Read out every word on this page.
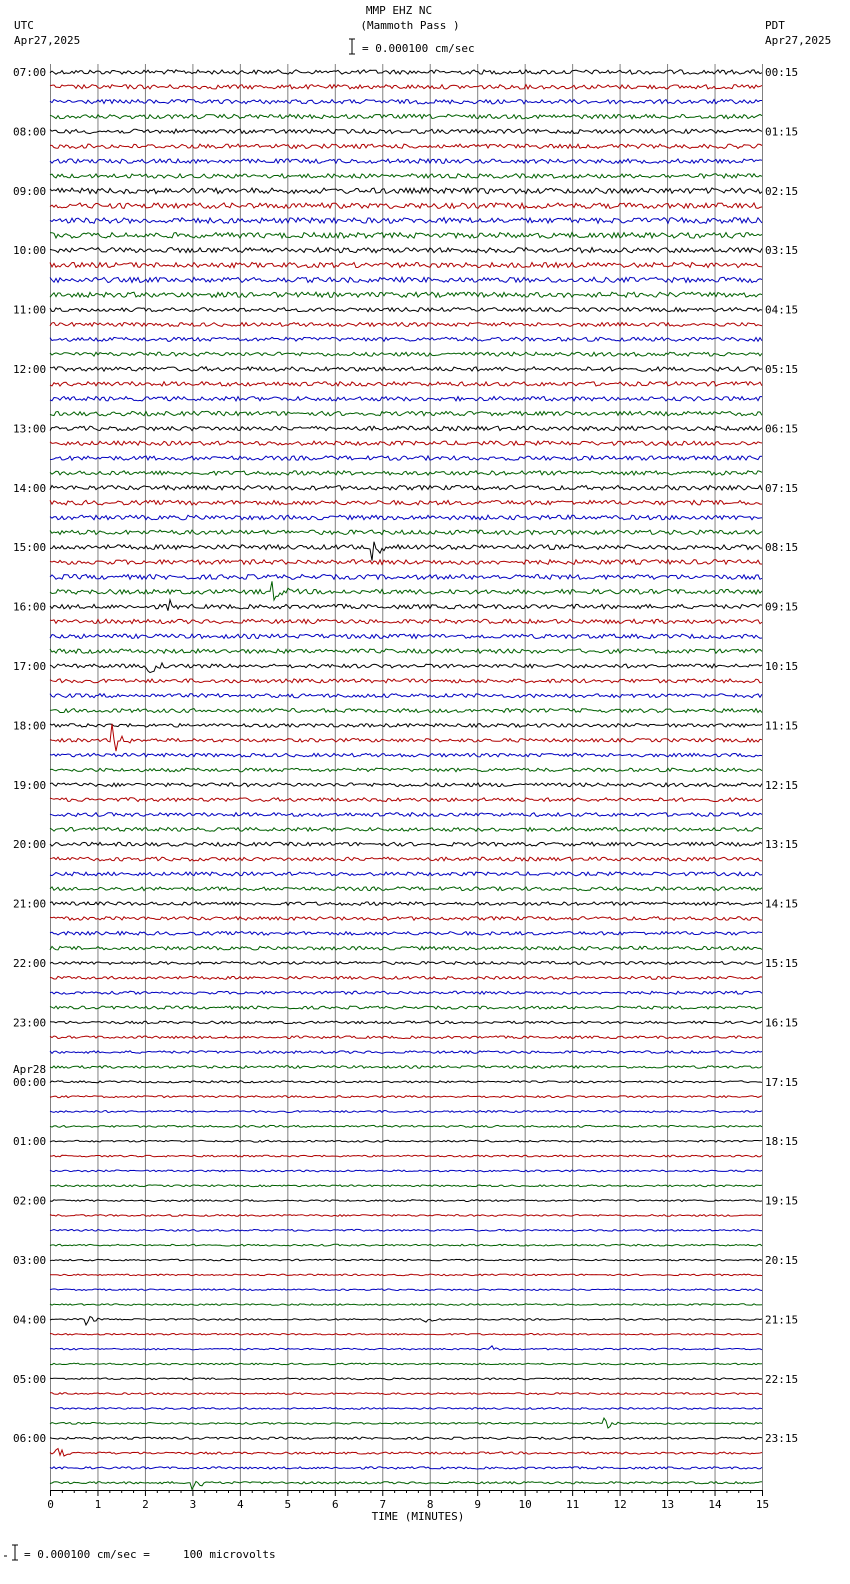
UTC
Apr27,2025
MMP EHZ NC
(Mammoth Pass )	PDT
Apr27,2025
= 0.000100 cm/sec
07:00
08:00
09:00
10:00
11:00
12:00
13:00
14:00
15:00
16:00
17:00
18:00
19:00
20:00
21:00
22:00
23:00
00:00
Apr28
01:00
02:00
03:00
04:00
05:00
06:00
00:15
01:15
02:15
03:15
04:15
05:15
06:15
07:15
08:15
09:15
10:15
11:15
12:15
13:15
14:15
15:15
16:15
17:15
18:15
19:15
20:15
21:15
22:15
23:15
0	1	2	3	4	5	6	7	8	9	10	11	12	13	14	15
TIME (MINUTES)
= 0.000100 cm/sec =     100 microvolts
